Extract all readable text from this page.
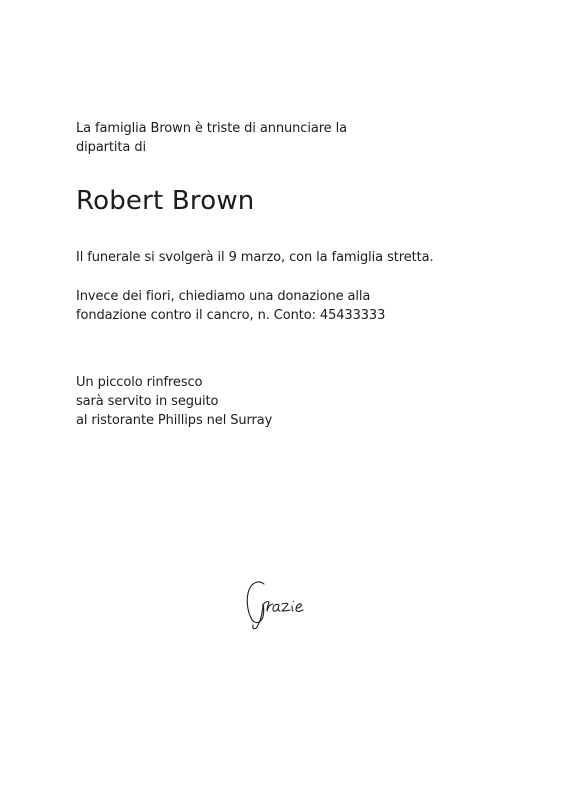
La famiglia Brown è triste di annunciare la
dipartita di

Robert Brown

Il funerale si svolgerà il 9 marzo, con la famiglia stretta.

Invece dei fiori, chiediamo una donazione alla
fondazione contro il cancro, n. Conto: 45433333

Un piccolo rinfresco
sarà servito in seguito
al ristorante Phillips nel Surray
